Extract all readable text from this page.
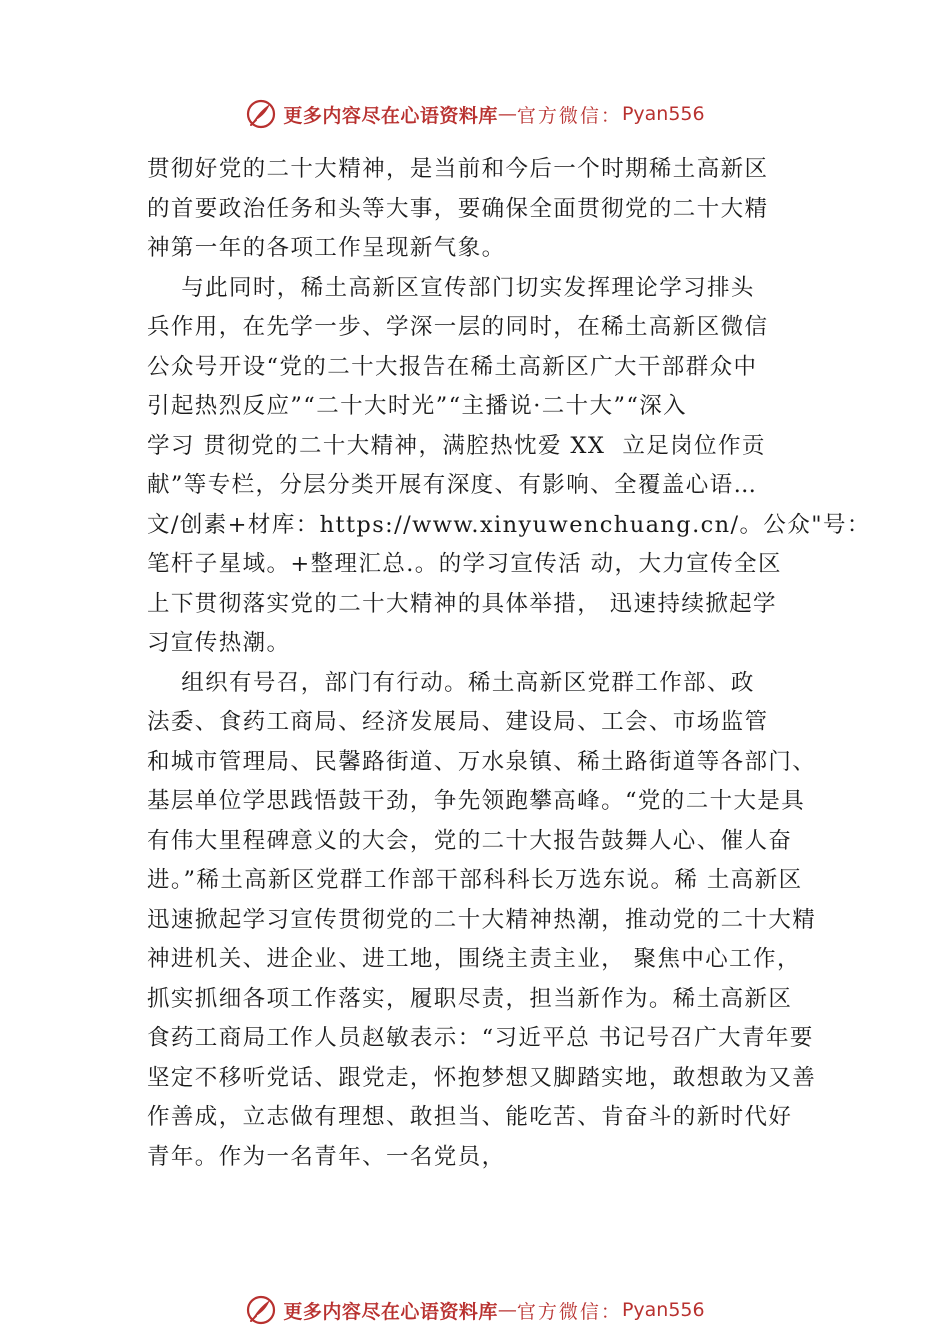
更多内容尽在心语资料库 — 官方微信： Pyan556
贯彻好党的二十大精神，是当前和今后一个时期稀土高新区
的首要政治任务和头等大事，要确保全面贯彻党的二十大精
神第一年的各项工作呈现新气象。
与此同时，稀土高新区宣传部门切实发挥理论学习排头
兵作用，在先学一步、学深一层的同时，在稀土高新区微信
公众号开设“党的二十大报告在稀土高新区广大干部群众中
引起热烈反应”“二十大时光”“主播说·二十大”“深入
学习 贯彻党的二十大精神，满腔热忱爱 XX  立足岗位作贡
献”等专栏，分层分类开展有深度、有影响、全覆盖心语…
文/创素+材库：https://www.xinyuwenchuang.cn/。公众"号：
笔杆子星域。+整理汇总.。的学习宣传活 动，大力宣传全区
上下贯彻落实党的二十大精神的具体举措， 迅速持续掀起学
习宣传热潮。
组织有号召，部门有行动。稀土高新区党群工作部、政
法委、食药工商局、经济发展局、建设局、工会、市场监管
和城市管理局、民馨路街道、万水泉镇、稀土路街道等各部门、
基层单位学思践悟鼓干劲，争先领跑攀高峰。“党的二十大是具
有伟大里程碑意义的大会，党的二十大报告鼓舞人心、催人奋
进。”稀土高新区党群工作部干部科科长万选东说。稀 土高新区
迅速掀起学习宣传贯彻党的二十大精神热潮，推动党的二十大精
神进机关、进企业、进工地，围绕主责主业， 聚焦中心工作，
抓实抓细各项工作落实，履职尽责，担当新作为。稀土高新区
食药工商局工作人员赵敏表示：“习近平总 书记号召广大青年要
坚定不移听党话、跟党走，怀抱梦想又脚踏实地，敢想敢为又善
作善成，立志做有理想、敢担当、能吃苦、肯奋斗的新时代好
青年。作为一名青年、一名党员，
更多内容尽在心语资料库 — 官方微信： Pyan556
